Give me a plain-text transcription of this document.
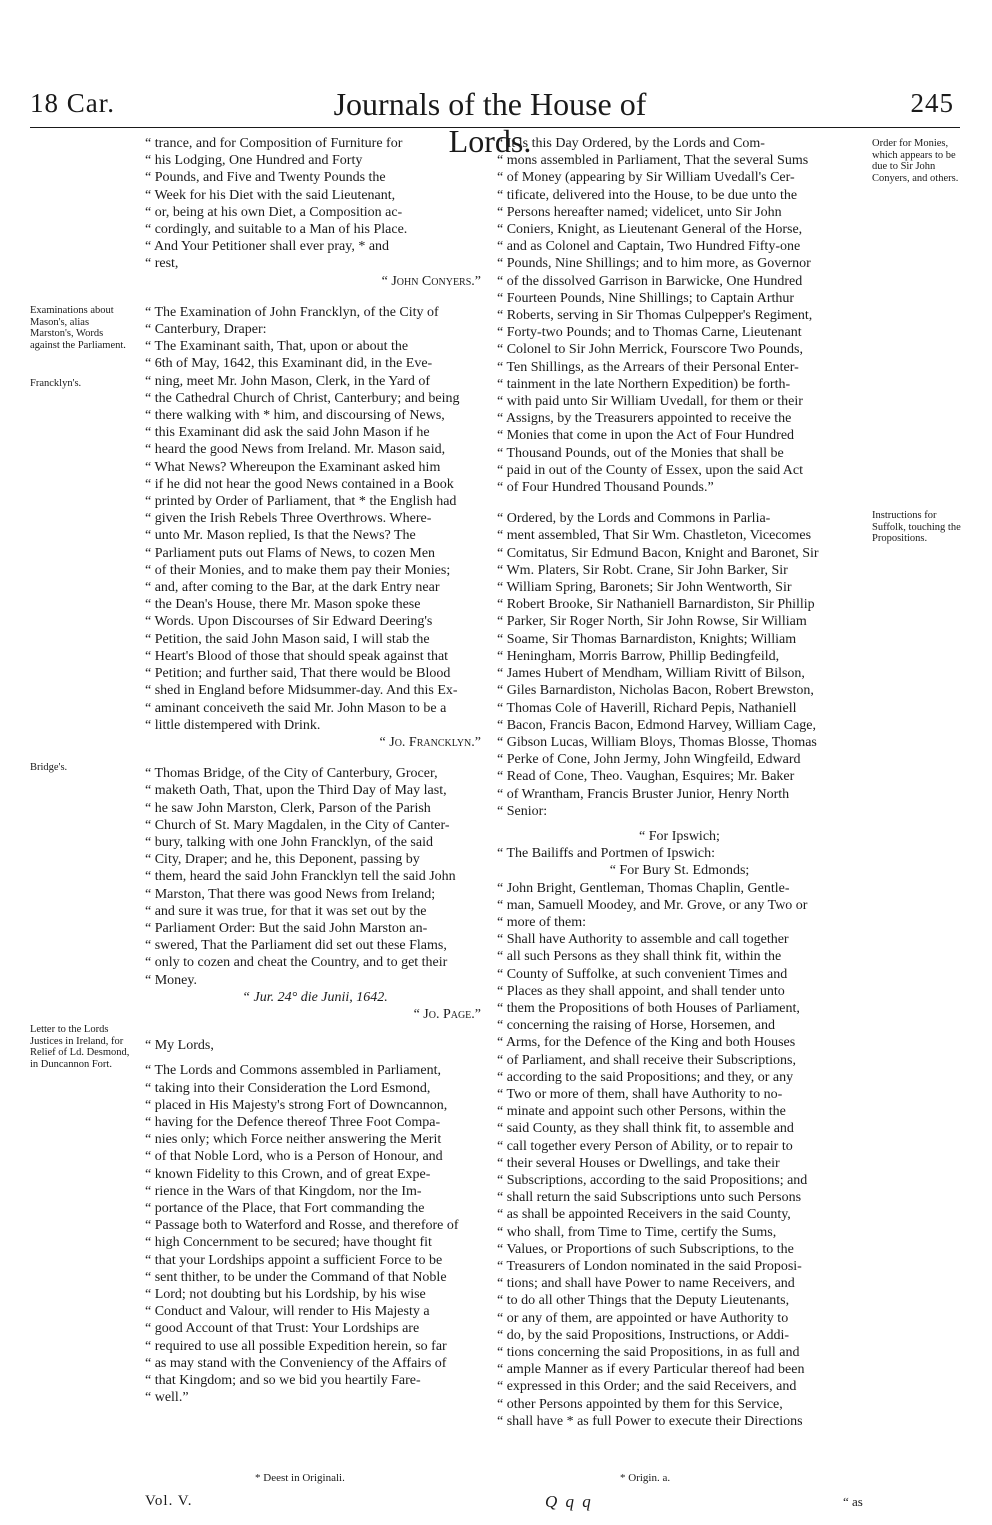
18 Car.	Journals of the House of Lords.
245
Examinations about Mason's, alias Marston's, Words against the Parliament.
Francklyn's.
Bridge's.
Letter to the Lords Justices in Ireland, for Relief of Ld. Desmond, in Duncannon Fort.
Order for Monies, which appears to be due to Sir John Conyers, and others.
Instructions for Suffolk, touching the Propositions.

“ trance, and for Composition of Furniture for
“ his Lodging, One Hundred and Forty
“ Pounds, and Five and Twenty Pounds the
“ Week for his Diet with the said Lieutenant,
“ or, being at his own Diet, a Composition ac-
“ cordingly, and suitable to a Man of his Place.
“ And Your Petitioner shall ever pray, * and
“ rest,

“ John Conyers.”

“ The Examination of John Francklyn, of the City of
“ Canterbury, Draper:

“ The Examinant saith, That, upon or about the
“ 6th of May, 1642, this Examinant did, in the Eve-
“ ning, meet Mr. John Mason, Clerk, in the Yard of
“ the Cathedral Church of Christ, Canterbury; and being
“ there walking with * him, and discoursing of News,
“ this Examinant did ask the said John Mason if he
“ heard the good News from Ireland. Mr. Mason said,
“ What News? Whereupon the Examinant asked him
“ if he did not hear the good News contained in a Book
“ printed by Order of Parliament, that * the English had
“ given the Irish Rebels Three Overthrows. Where-
“ unto Mr. Mason replied, Is that the News? The
“ Parliament puts out Flams of News, to cozen Men
“ of their Monies, and to make them pay their Monies;
“ and, after coming to the Bar, at the dark Entry near
“ the Dean's House, there Mr. Mason spoke these
“ Words. Upon Discourses of Sir Edward Deering's
“ Petition, the said John Mason said, I will stab the
“ Heart's Blood of those that should speak against that
“ Petition; and further said, That there would be Blood
“ shed in England before Midsummer-day. And this Ex-
“ aminant conceiveth the said Mr. John Mason to be a
“ little distempered with Drink.

“ Jo. Francklyn.”

“ Thomas Bridge, of the City of Canterbury, Grocer,
“ maketh Oath, That, upon the Third Day of May last,
“ he saw John Marston, Clerk, Parson of the Parish
“ Church of St. Mary Magdalen, in the City of Canter-
“ bury, talking with one John Francklyn, of the said
“ City, Draper; and he, this Deponent, passing by
“ them, heard the said John Francklyn tell the said John
“ Marston, That there was good News from Ireland;
“ and sure it was true, for that it was set out by the
“ Parliament Order: But the said John Marston an-
“ swered, That the Parliament did set out these Flams,
“ only to cozen and cheat the Country, and to get their
“ Money.

“ Jur. 24° die Junii, 1642.

“ Jo. Page.”

“ My Lords,

“ The Lords and Commons assembled in Parliament,
“ taking into their Consideration the Lord Esmond,
“ placed in His Majesty's strong Fort of Downcannon,
“ having for the Defence thereof Three Foot Compa-
“ nies only; which Force neither answering the Merit
“ of that Noble Lord, who is a Person of Honour, and
“ known Fidelity to this Crown, and of great Expe-
“ rience in the Wars of that Kingdom, nor the Im-
“ portance of the Place, that Fort commanding the
“ Passage both to Waterford and Rosse, and therefore of
“ high Concernment to be secured; have thought fit
“ that your Lordships appoint a sufficient Force to be
“ sent thither, to be under the Command of that Noble
“ Lord; not doubting but his Lordship, by his wise
“ Conduct and Valour, will render to His Majesty a
“ good Account of that Trust: Your Lordships are
“ required to use all possible Expedition herein, so far
“ as may stand with the Conveniency of the Affairs of
“ that Kingdom; and so we bid you heartily Fare-
“ well.”

“ It is this Day Ordered, by the Lords and Com-
“ mons assembled in Parliament, That the several Sums
“ of Money (appearing by Sir William Uvedall's Cer-
“ tificate, delivered into the House, to be due unto the
“ Persons hereafter named; videlicet, unto Sir John
“ Coniers, Knight, as Lieutenant General of the Horse,
“ and as Colonel and Captain, Two Hundred Fifty-one
“ Pounds, Nine Shillings; and to him more, as Governor
“ of the dissolved Garrison in Barwicke, One Hundred
“ Fourteen Pounds, Nine Shillings; to Captain Arthur
“ Roberts, serving in Sir Thomas Culpepper's Regiment,
“ Forty-two Pounds; and to Thomas Carne, Lieutenant
“ Colonel to Sir John Merrick, Fourscore Two Pounds,
“ Ten Shillings, as the Arrears of their Personal Enter-
“ tainment in the late Northern Expedition) be forth-
“ with paid unto Sir William Uvedall, for them or their
“ Assigns, by the Treasurers appointed to receive the
“ Monies that come in upon the Act of Four Hundred
“ Thousand Pounds, out of the Monies that shall be
“ paid in out of the County of Essex, upon the said Act
“ of Four Hundred Thousand Pounds.”

“ Ordered, by the Lords and Commons in Parlia-
“ ment assembled, That Sir Wm. Chastleton, Vicecomes
“ Comitatus, Sir Edmund Bacon, Knight and Baronet, Sir
“ Wm. Platers, Sir Robt. Crane, Sir John Barker, Sir
“ William Spring, Baronets; Sir John Wentworth, Sir
“ Robert Brooke, Sir Nathaniell Barnardiston, Sir Phillip
“ Parker, Sir Roger North, Sir John Rowse, Sir William
“ Soame, Sir Thomas Barnardiston, Knights; William
“ Heningham, Morris Barrow, Phillip Bedingfeild,
“ James Hubert of Mendham, William Rivitt of Bilson,
“ Giles Barnardiston, Nicholas Bacon, Robert Brewston,
“ Thomas Cole of Haverill, Richard Pepis, Nathaniell
“ Bacon, Francis Bacon, Edmond Harvey, William Cage,
“ Gibson Lucas, William Bloys, Thomas Blosse, Thomas
“ Perke of Cone, John Jermy, John Wingfeild, Edward
“ Read of Cone, Theo. Vaughan, Esquires; Mr. Baker
“ of Wrantham, Francis Bruster Junior, Henry North
“ Senior:

“ For Ipswich;

“ The Bailiffs and Portmen of Ipswich:

“ For Bury St. Edmonds;

“ John Bright, Gentleman, Thomas Chaplin, Gentle-
“ man, Samuell Moodey, and Mr. Grove, or any Two or
“ more of them:

“ Shall have Authority to assemble and call together
“ all such Persons as they shall think fit, within the
“ County of Suffolke, at such convenient Times and
“ Places as they shall appoint, and shall tender unto
“ them the Propositions of both Houses of Parliament,
“ concerning the raising of Horse, Horsemen, and
“ Arms, for the Defence of the King and both Houses
“ of Parliament, and shall receive their Subscriptions,
“ according to the said Propositions; and they, or any
“ Two or more of them, shall have Authority to no-
“ minate and appoint such other Persons, within the
“ said County, as they shall think fit, to assemble and
“ call together every Person of Ability, or to repair to
“ their several Houses or Dwellings, and take their
“ Subscriptions, according to the said Propositions; and
“ shall return the said Subscriptions unto such Persons
“ as shall be appointed Receivers in the said County,
“ who shall, from Time to Time, certify the Sums,
“ Values, or Proportions of such Subscriptions, to the
“ Treasurers of London nominated in the said Proposi-
“ tions; and shall have Power to name Receivers, and
“ to do all other Things that the Deputy Lieutenants,
“ or any of them, are appointed or have Authority to
“ do, by the said Propositions, Instructions, or Addi-
“ tions concerning the said Propositions, in as full and
“ ample Manner as if every Particular thereof had been
“ expressed in this Order; and the said Receivers, and
“ other Persons appointed by them for this Service,
“ shall have * as full Power to execute their Directions

* Deest in Originali.	* Origin. a.
Vol. V.	Q q q	“ as
